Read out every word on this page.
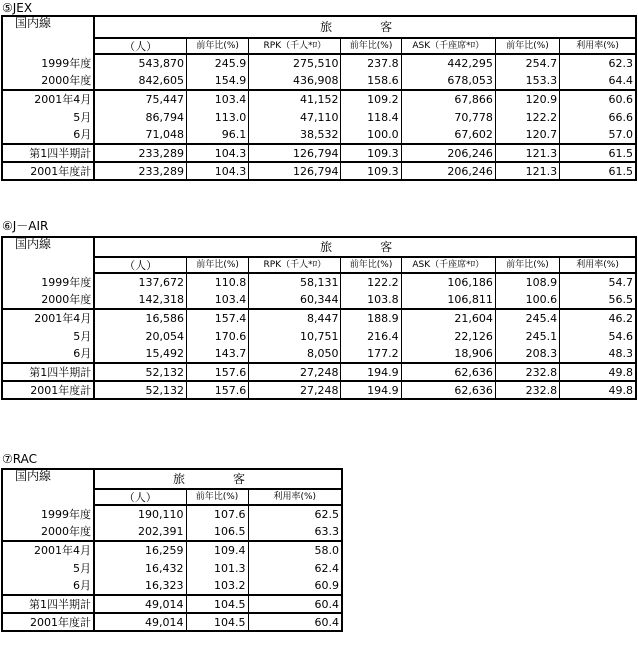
⑤JEX
国内線	旅　客						
	（人）	前年比(%)	RPK（千人*ﾛ）	前年比(%)	ASK（千座席*ﾛ）	前年比(%)	利用率(%)
1999年度	543,870	245.9	275,510	237.8	442,295	254.7	62.3
2000年度	842,605	154.9	436,908	158.6	678,053	153.3	64.4
2001年4月	75,447	103.4	41,152	109.2	67,866	120.9	60.6
5月	86,794	113.0	47,110	118.4	70,778	122.2	66.6
6月	71,048	96.1	38,532	100.0	67,602	120.7	57.0
第1四半期計	233,289	104.3	126,794	109.3	206,246	121.3	61.5
2001年度計	233,289	104.3	126,794	109.3	206,246	121.3	61.5
⑥J－AIR
国内線	旅　客						
	（人）	前年比(%)	RPK（千人*ﾛ）	前年比(%)	ASK（千座席*ﾛ）	前年比(%)	利用率(%)
1999年度	137,672	110.8	58,131	122.2	106,186	108.9	54.7
2000年度	142,318	103.4	60,344	103.8	106,811	100.6	56.5
2001年4月	16,586	157.4	8,447	188.9	21,604	245.4	46.2
5月	20,054	170.6	10,751	216.4	22,126	245.1	54.6
6月	15,492	143.7	8,050	177.2	18,906	208.3	48.3
第1四半期計	52,132	157.6	27,248	194.9	62,636	232.8	49.8
2001年度計	52,132	157.6	27,248	194.9	62,636	232.8	49.8
⑦RAC
国内線	旅　客		
	（人）	前年比(%)	利用率(%)
1999年度	190,110	107.6	62.5
2000年度	202,391	106.5	63.3
2001年4月	16,259	109.4	58.0
5月	16,432	101.3	62.4
6月	16,323	103.2	60.9
第1四半期計	49,014	104.5	60.4
2001年度計	49,014	104.5	60.4
